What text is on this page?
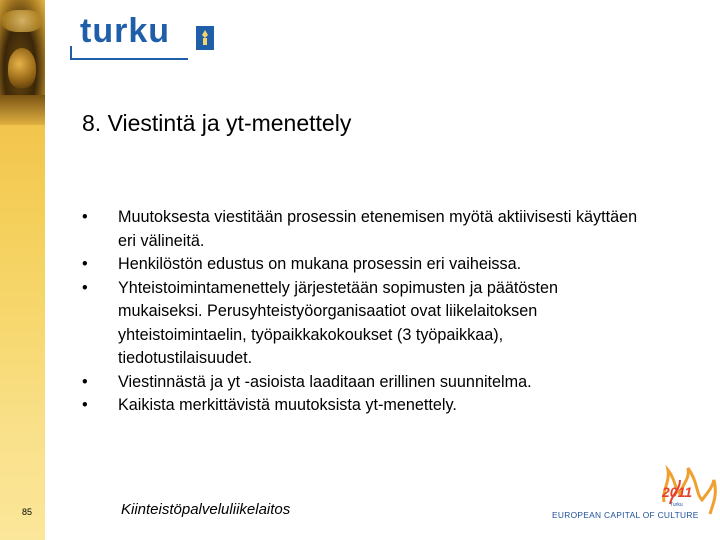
turku
8. Viestintä ja yt-menettely
• Muutoksesta viestitään prosessin etenemisen myötä aktiivisesti käyttäen eri välineitä.
• Henkilöstön edustus on mukana prosessin eri vaiheissa.
• Yhteistoimintamenettely järjestetään sopimusten ja päätösten mukaiseksi. Perusyhteistyöorganisaatiot ovat liikelaitoksen yhteistoimintaelin, työpaikkakokoukset (3 työpaikkaa), tiedotustilaisuudet.
• Viestinnästä ja yt -asioista laaditaan erillinen suunnitelma.
• Kaikista merkittävistä muutoksista yt-menettely.
85	Kiinteistöpalveluliikelaitos
2011
Turku
EUROPEAN CAPITAL OF CULTURE
